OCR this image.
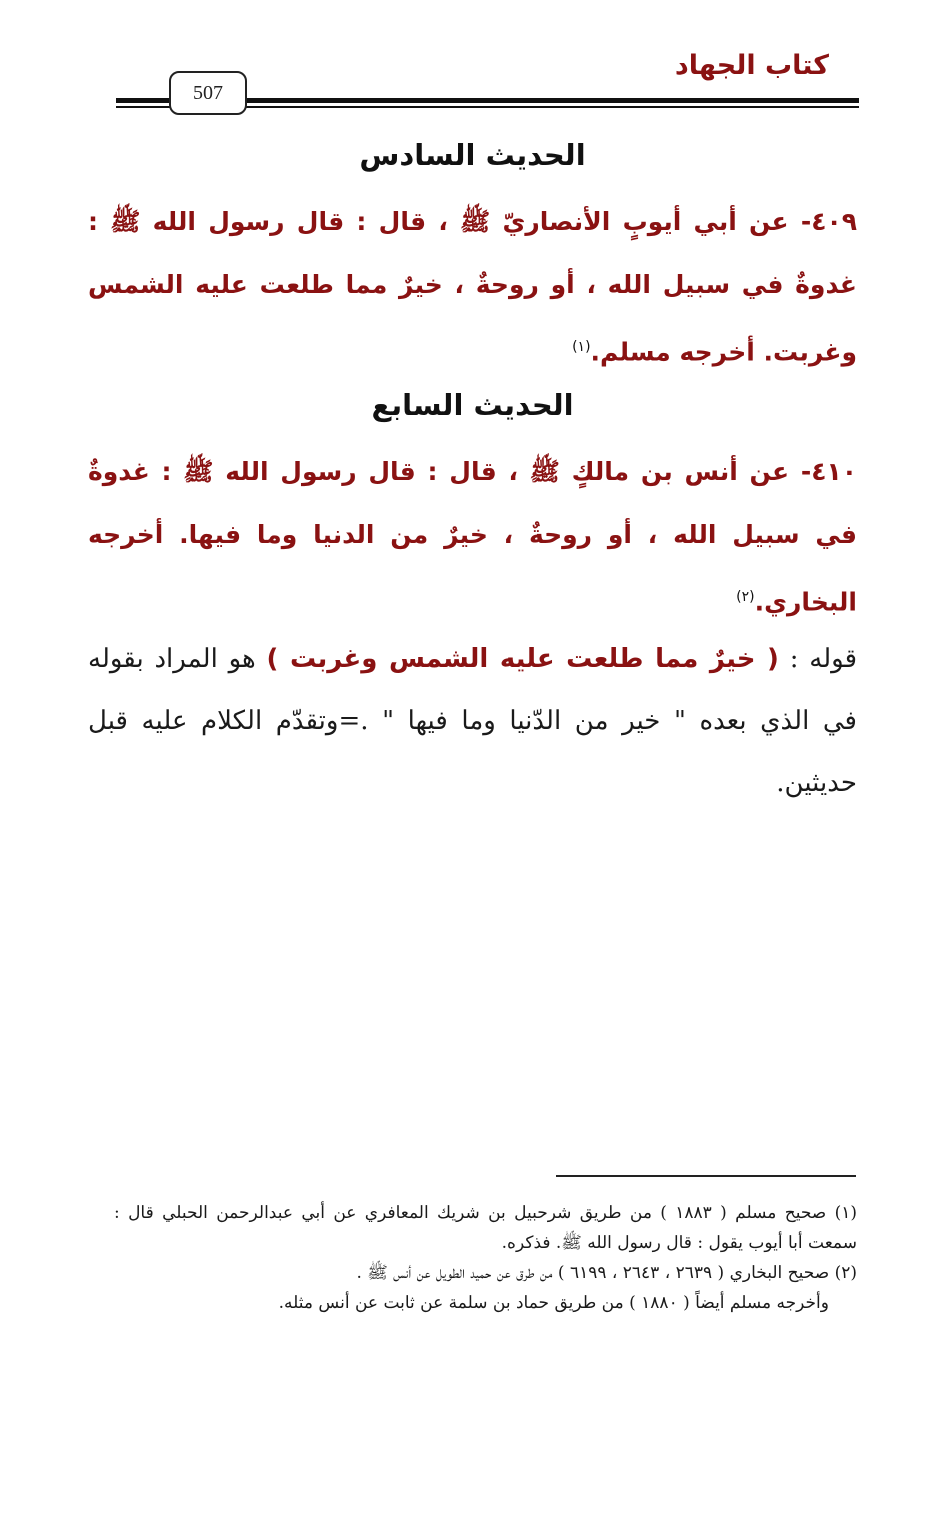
كتاب الجهاد
507
الحديث السادس
٤٠٩- عن أبي أيوبٍ الأنصاريّ ﷺ ، قال : قال رسول الله ﷺ : غدوةٌ في سبيل الله ، أو روحةٌ ، خيرٌ مما طلعت عليه الشمس وغربت. أخرجه مسلم.$^{(١)}$
الحديث السابع
٤١٠- عن أنس بن مالكٍ ﷺ ، قال : قال رسول الله ﷺ : غدوةٌ في سبيل الله ، أو روحةٌ ، خيرٌ من الدنيا وما فيها. أخرجه البخاري.$^{(٢)}$
قوله : ( خيرٌ مما طلعت عليه الشمس وغربت ) هو المراد بقوله في الذي بعده " خير من الدّنيا وما فيها " .=وتقدّم الكلام عليه قبل حديثين.

(١) صحيح مسلم ( ١٨٨٣ ) من طريق شرحبيل بن شريك المعافري عن أبي عبدالرحمن الحبلي قال : سمعت أبا أيوب يقول : قال رسول الله ﷺ. فذكره.

(٢) صحيح البخاري ( ٢٦٣٩ ، ٢٦٤٣ ، ٦١٩٩ ) من طرق عن حميد الطويل عن أنس ﷺ .

وأخرجه مسلم أيضاً ( ١٨٨٠ ) من طريق حماد بن سلمة عن ثابت عن أنس مثله.
